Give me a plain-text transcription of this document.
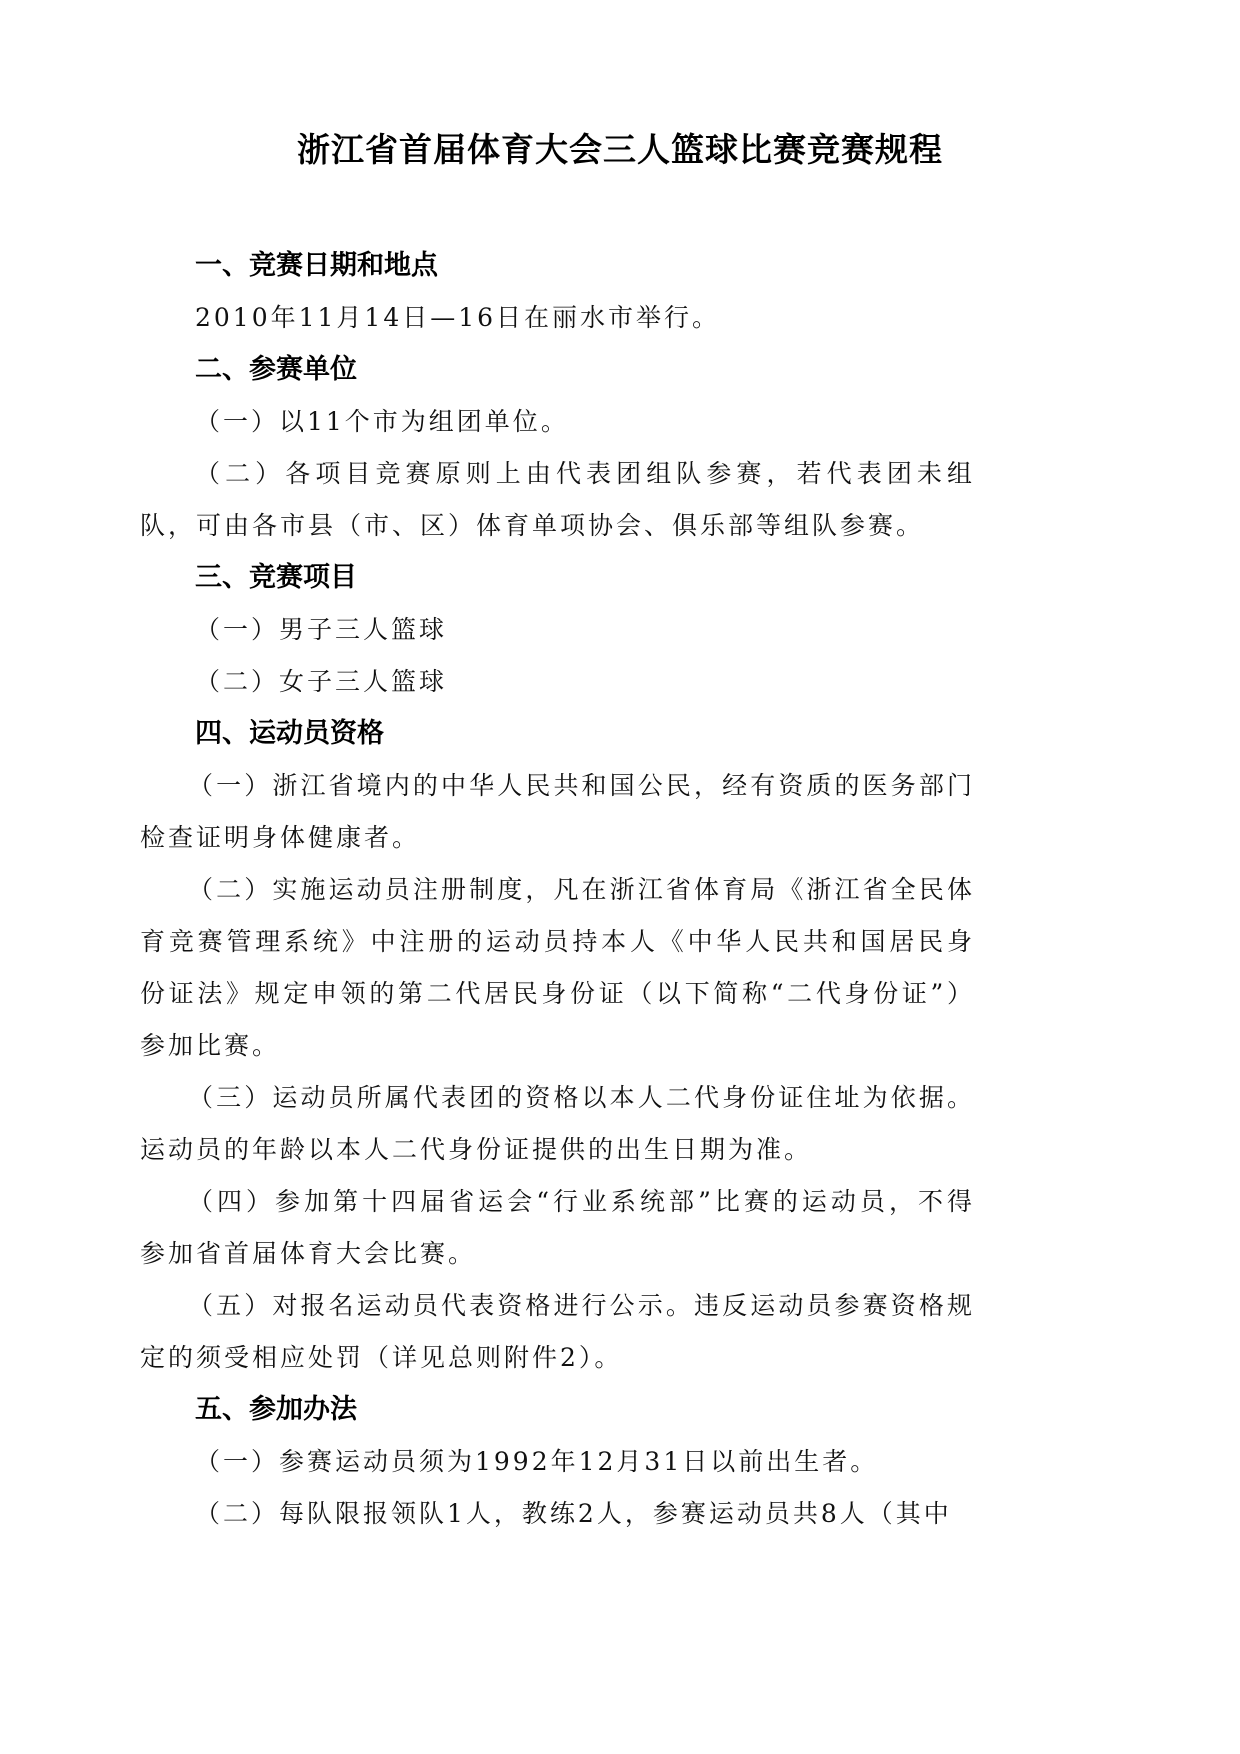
浙江省首届体育大会三人篮球比赛竞赛规程
一、竞赛日期和地点

2010年11月14日—16日在丽水市举行。

二、参赛单位

（一）以11个市为组团单位。

（二）各项目竞赛原则上由代表团组队参赛，若代表团未组队，可由各市县（市、区）体育单项协会、俱乐部等组队参赛。

三、竞赛项目

（一）男子三人篮球

（二）女子三人篮球

四、运动员资格

（一）浙江省境内的中华人民共和国公民，经有资质的医务部门检查证明身体健康者。

（二）实施运动员注册制度，凡在浙江省体育局《浙江省全民体育竞赛管理系统》中注册的运动员持本人《中华人民共和国居民身份证法》规定申领的第二代居民身份证（以下简称“二代身份证”）参加比赛。

（三）运动员所属代表团的资格以本人二代身份证住址为依据。运动员的年龄以本人二代身份证提供的出生日期为准。

（四）参加第十四届省运会“行业系统部”比赛的运动员，不得参加省首届体育大会比赛。

（五）对报名运动员代表资格进行公示。违反运动员参赛资格规定的须受相应处罚（详见总则附件2）。

五、参加办法

（一）参赛运动员须为1992年12月31日以前出生者。

（二）每队限报领队1人，教练2人，参赛运动员共8人（其中
